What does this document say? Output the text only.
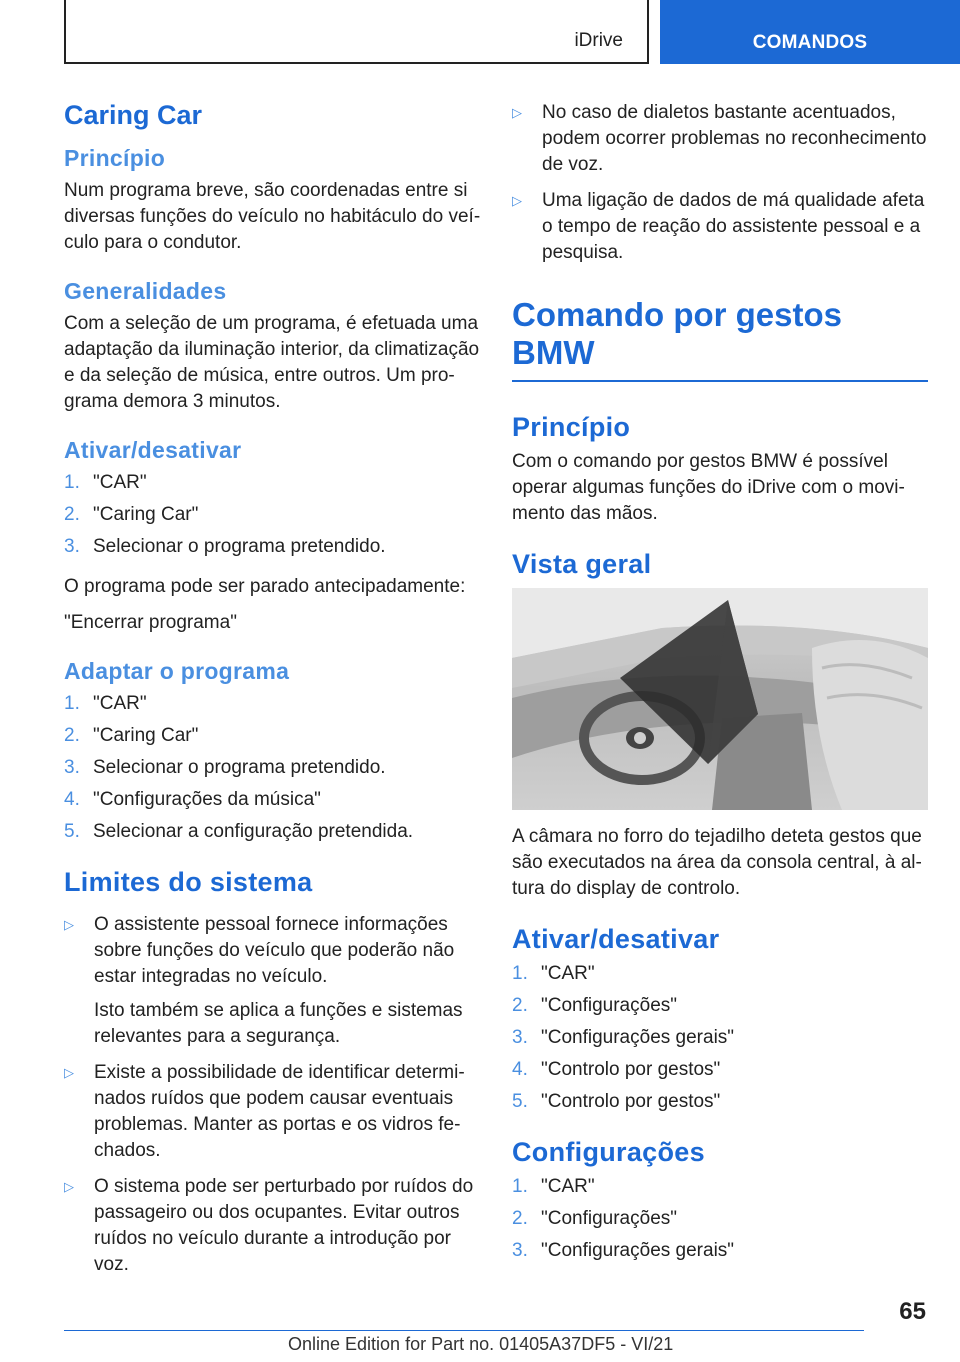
iDrive	COMANDOS
Caring Car
Princípio

Num programa breve, são coordenadas entre si diversas funções do veículo no habitáculo do veículo para o condutor.

Generalidades

Com a seleção de um programa, é efetuada uma adaptação da iluminação interior, da climatização e da seleção de música, entre outros. Um programa demora 3 minutos.

Ativar/desativar
1. "CAR"
2. "Caring Car"
3. Selecionar o programa pretendido.

O programa pode ser parado antecipadamente:

"Encerrar programa"

Adaptar o programa
1. "CAR"
2. "Caring Car"
3. Selecionar o programa pretendido.
4. "Configurações da música"
5. Selecionar a configuração pretendida.
Limites do sistema
▷	O assistente pessoal fornece informações sobre funções do veículo que poderão não estar integradas no veículo.
Isto também se aplica a funções e sistemas relevantes para a segurança.
▷	Existe a possibilidade de identificar determinados ruídos que podem causar eventuais problemas. Manter as portas e os vidros fechados.
▷	O sistema pode ser perturbado por ruídos do passageiro ou dos ocupantes. Evitar outros ruídos no veículo durante a introdução por voz.
▷	No caso de dialetos bastante acentuados, podem ocorrer problemas no reconhecimento de voz.
▷	Uma ligação de dados de má qualidade afeta o tempo de reação do assistente pessoal e a pesquisa.
Comando por gestos BMW
Princípio

Com o comando por gestos BMW é possível operar algumas funções do iDrive com o movimento das mãos.

Vista geral

A câmara no forro do tejadilho deteta gestos que são executados na área da consola central, à altura do display de controlo.

Ativar/desativar
1. "CAR"
2. "Configurações"
3. "Configurações gerais"
4. "Controlo por gestos"
5. "Controlo por gestos"
Configurações
1. "CAR"
2. "Configurações"
3. "Configurações gerais"
65
Online Edition for Part no. 01405A37DF5 - VI/21
